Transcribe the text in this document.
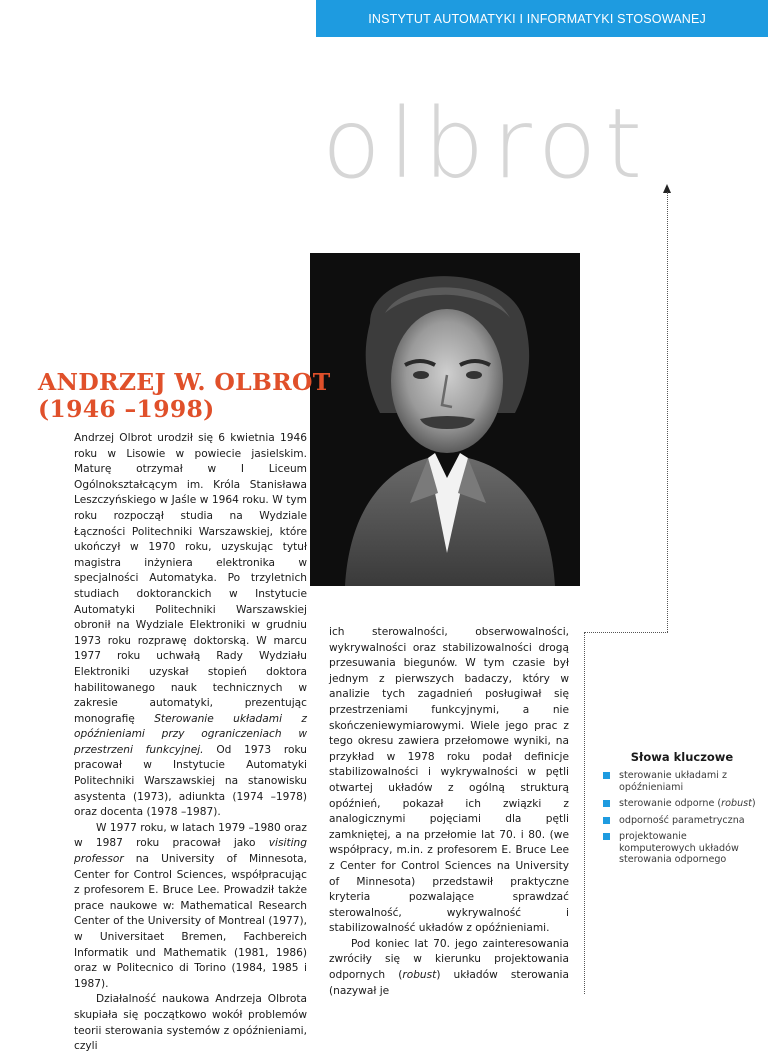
INSTYTUT AUTOMATYKI I INFORMATYKI STOSOWANEJ
olbrot
ANDRZEJ W. OLBROT
(1946 –1998)

Andrzej Olbrot urodził się 6 kwietnia 1946 roku w Lisowie w powiecie jasielskim. Maturę otrzymał w I Liceum Ogólnokształcącym im. Króla Stanisława Leszczyńskiego w Jaśle w 1964 roku. W tym roku rozpoczął studia na Wydziale Łączności Politechniki Warszawskiej, które ukończył w 1970 roku, uzyskując tytuł magistra inżyniera elektronika w specjalności Automatyka. Po trzyletnich studiach doktoranckich w Instytucie Automatyki Politechniki Warszawskiej obronił na Wydziale Elektroniki w grudniu 1973 roku rozprawę doktorską. W marcu 1977 roku uchwałą Rady Wydziału Elektroniki uzyskał stopień doktora habilitowanego nauk technicznych w zakresie automatyki, prezentując monografię Sterowanie układami z opóźnieniami przy ograniczeniach w przestrzeni funkcyjnej. Od 1973 roku pracował w Instytucie Automatyki Politechniki Warszawskiej na stanowisku asystenta (1973), adiunkta (1974 –1978) oraz docenta (1978 –1987).

W 1977 roku, w latach 1979 –1980 oraz w 1987 roku pracował jako visiting professor na University of Minnesota, Center for Control Sciences, współpracując z profesorem E. Bruce Lee. Prowadził także prace naukowe w: Mathematical Research Center of the University of Montreal (1977), w Universitaet Bremen, Fachbereich Informatik und Mathematik (1981, 1986) oraz w Politecnico di Torino (1984, 1985 i 1987).

Działalność naukowa Andrzeja Olbrota skupiała się początkowo wokół problemów teorii sterowania systemów z opóźnieniami, czyli

ich sterowalności, obserwowalności, wykrywalności oraz stabilizowalności drogą przesuwania biegunów. W tym czasie był jednym z pierwszych badaczy, który w analizie tych zagadnień posługiwał się przestrzeniami funkcyjnymi, a nie skończeniewymiarowymi. Wiele jego prac z tego okresu zawiera przełomowe wyniki, na przykład w 1978 roku podał definicje stabilizowalności i wykrywalności w pętli otwartej układów z ogólną strukturą opóźnień, pokazał ich związki z analogicznymi pojęciami dla pętli zamkniętej, a na przełomie lat 70. i 80. (we współpracy, m.in. z profesorem E. Bruce Lee z Center for Control Sciences na University of Minnesota) przedstawił praktyczne kryteria pozwalające sprawdzać sterowalność, wykrywalność i stabilizowalność układów z opóźnieniami.

Pod koniec lat 70. jego zainteresowania zwróciły się w kierunku projektowania odpornych (robust) układów sterowania (nazywał je

Słowa kluczowe
sterowanie układami z opóźnieniami
sterowanie odporne (robust)
odporność parametryczna
projektowanie komputerowych układów sterowania odpornego
